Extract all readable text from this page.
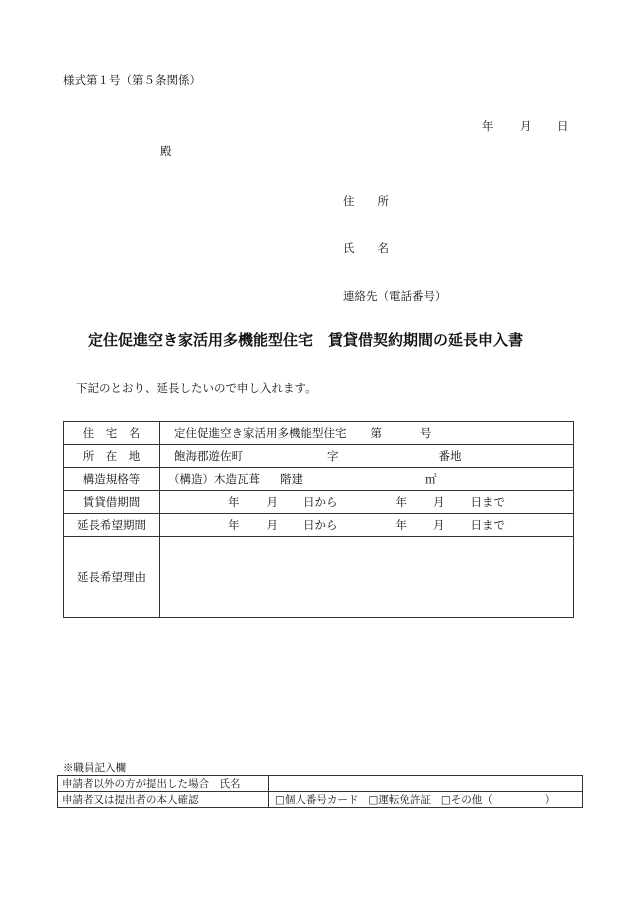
様式第１号（第５条関係）
年 月 日
殿
住　　所
氏　　名
連絡先（電話番号）
定住促進空き家活用多機能型住宅　賃貸借契約期間の延長申入書
下記のとおり、延長したいので申し入れます。
住　宅　名	定住促進空き家活用多機能型住宅 第 号
所　在　地	飽海郡遊佐町 字 番地
構造規格等	（構造）木造瓦葺 階建 ㎡
賃貸借期間	年 月 日から 年 月 日まで
延長希望期間	年 月 日から 年 月 日まで
延長希望理由	
※職員記入欄
申請者以外の方が提出した場合　氏名	
申請者又は提出者の本人確認	□個人番号カード □運転免許証 □その他（ ）
